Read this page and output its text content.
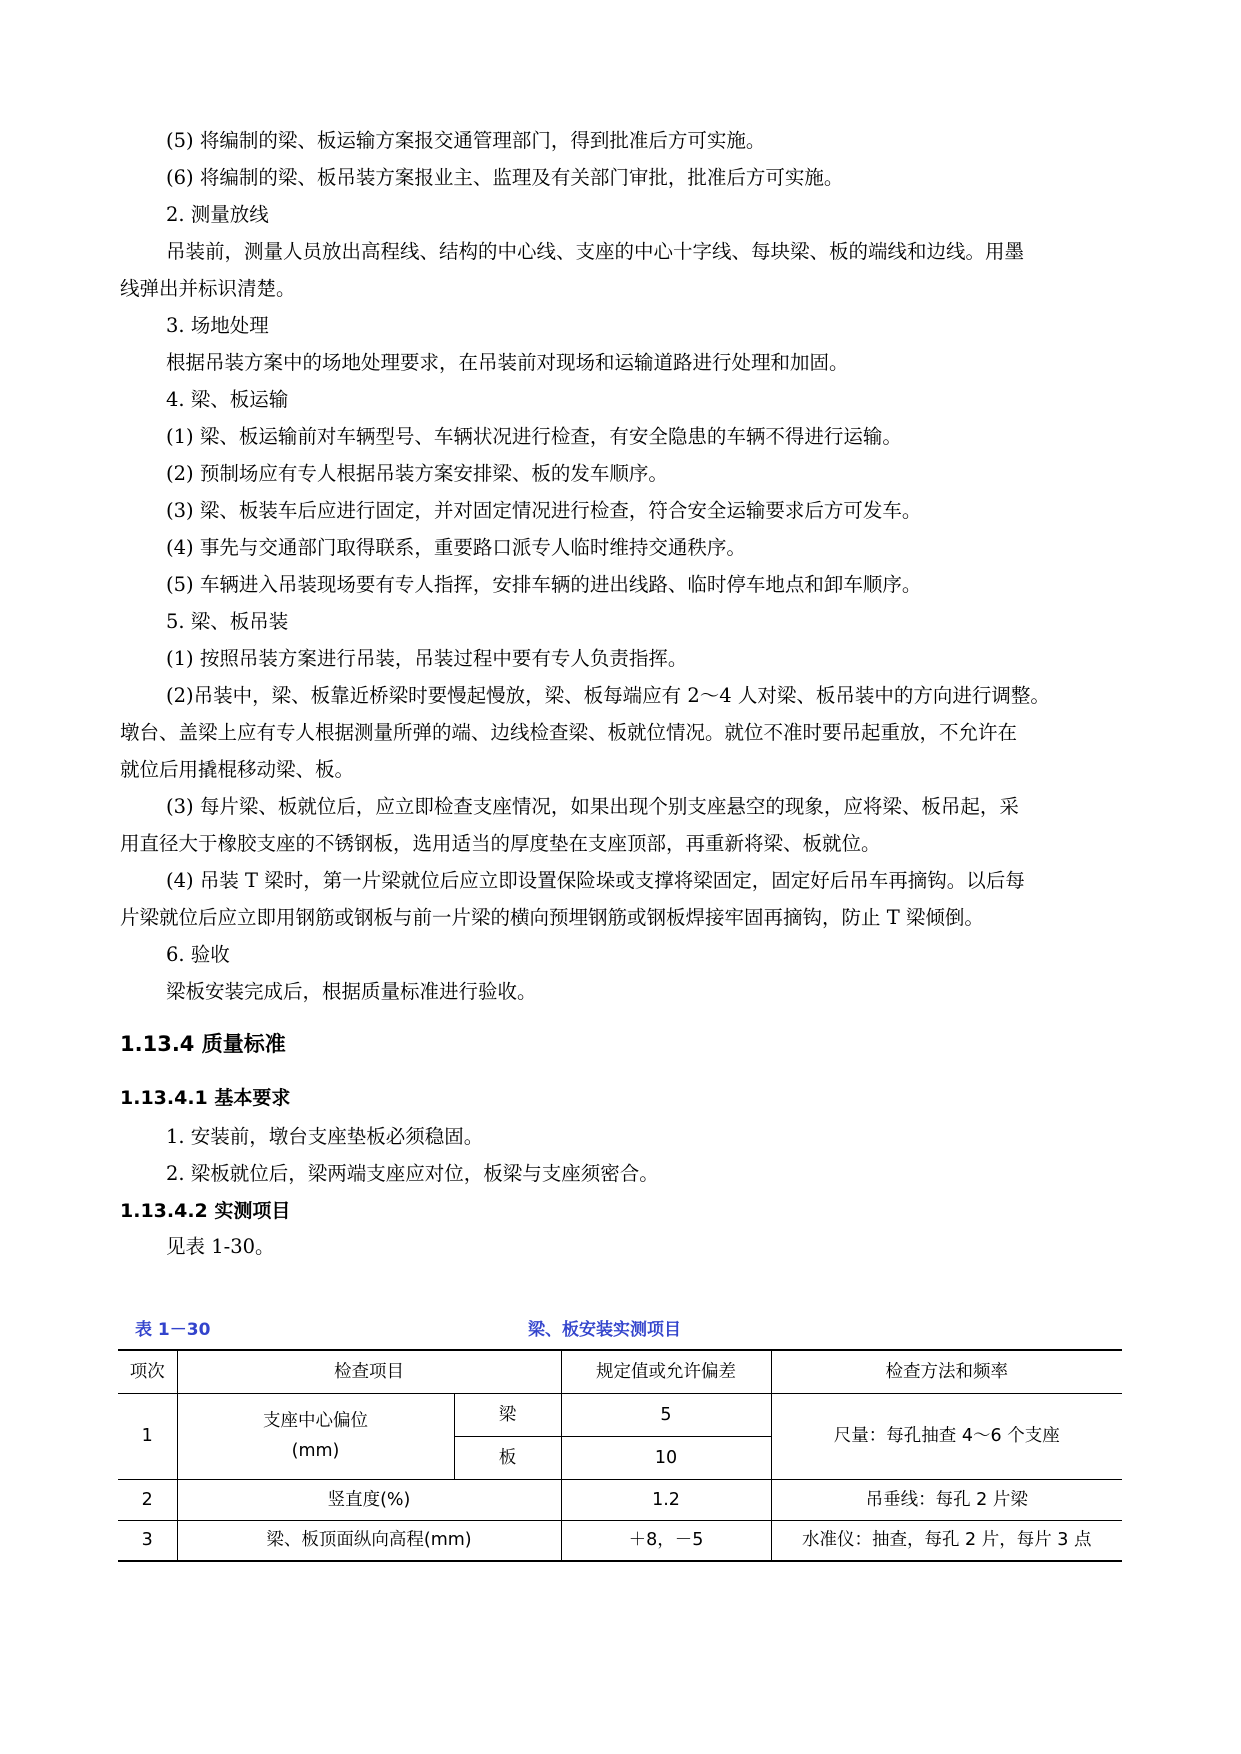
(5) 将编制的梁、板运输方案报交通管理部门，得到批准后方可实施。
(6) 将编制的梁、板吊装方案报业主、监理及有关部门审批，批准后方可实施。
2. 测量放线
吊装前，测量人员放出高程线、结构的中心线、支座的中心十字线、每块梁、板的端线和边线。用墨
线弹出并标识清楚。
3. 场地处理
根据吊装方案中的场地处理要求，在吊装前对现场和运输道路进行处理和加固。
4. 梁、板运输
(1) 梁、板运输前对车辆型号、车辆状况进行检查，有安全隐患的车辆不得进行运输。
(2) 预制场应有专人根据吊装方案安排梁、板的发车顺序。
(3) 梁、板装车后应进行固定，并对固定情况进行检查，符合安全运输要求后方可发车。
(4) 事先与交通部门取得联系，重要路口派专人临时维持交通秩序。
(5) 车辆进入吊装现场要有专人指挥，安排车辆的进出线路、临时停车地点和卸车顺序。
5. 梁、板吊装
(1) 按照吊装方案进行吊装，吊装过程中要有专人负责指挥。
(2)吊装中，梁、板靠近桥梁时要慢起慢放，梁、板每端应有 2～4 人对梁、板吊装中的方向进行调整。
墩台、盖梁上应有专人根据测量所弹的端、边线检查梁、板就位情况。就位不准时要吊起重放，不允许在
就位后用撬棍移动梁、板。
(3) 每片梁、板就位后，应立即检查支座情况，如果出现个别支座悬空的现象，应将梁、板吊起，采
用直径大于橡胶支座的不锈钢板，选用适当的厚度垫在支座顶部，再重新将梁、板就位。
(4) 吊装 T 梁时，第一片梁就位后应立即设置保险垛或支撑将梁固定，固定好后吊车再摘钩。以后每
片梁就位后应立即用钢筋或钢板与前一片梁的横向预埋钢筋或钢板焊接牢固再摘钩，防止 T 梁倾倒。
6. 验收
梁板安装完成后，根据质量标准进行验收。
1.13.4 质量标准
1.13.4.1 基本要求
1. 安装前，墩台支座垫板必须稳固。
2. 梁板就位后，梁两端支座应对位，板梁与支座须密合。
1.13.4.2 实测项目
见表 1-30。
表 1－30	梁、板安装实测项目
项次	检查项目		规定值或允许偏差	检查方法和频率
1	支座中心偏位
(mm)	梁	5	尺量：每孔抽查 4～6 个支座
		板	10	
2	竖直度(%)		1.2	吊垂线：每孔 2 片梁
3	梁、板顶面纵向高程(mm)		＋8，－5	水准仪：抽查，每孔 2 片，每片 3 点
